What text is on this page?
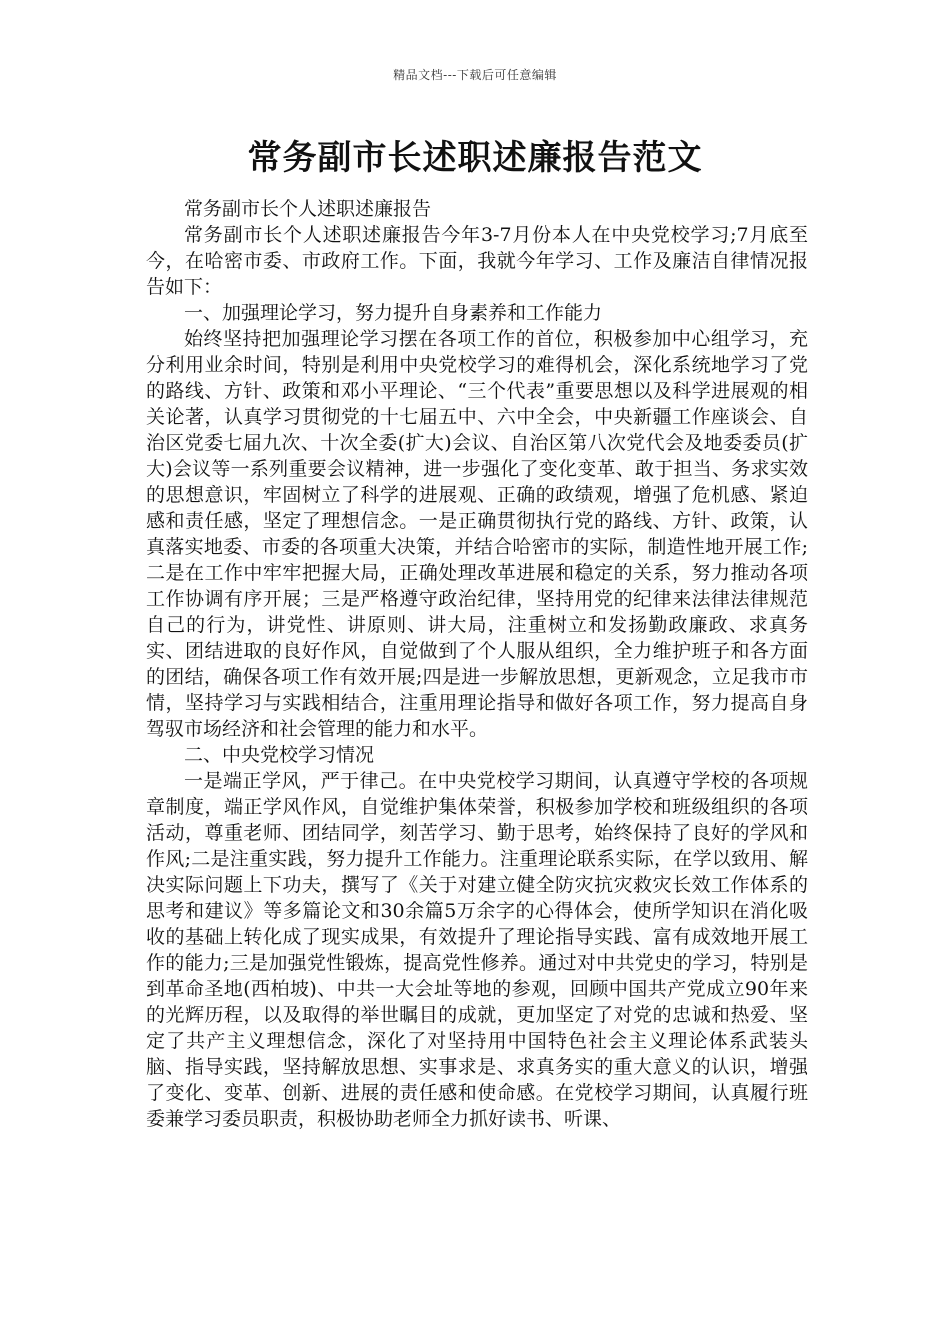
精品文档---下载后可任意编辑
常务副市长述职述廉报告范文

常务副市长个人述职述廉报告

常务副市长个人述职述廉报告今年3-7月份本人在中央党校学习;7月底至今，在哈密市委、市政府工作。下面，我就今年学习、工作及廉洁自律情况报告如下：

一、加强理论学习，努力提升自身素养和工作能力

始终坚持把加强理论学习摆在各项工作的首位，积极参加中心组学习，充分利用业余时间，特别是利用中央党校学习的难得机会，深化系统地学习了党的路线、方针、政策和邓小平理论、“三个代表”重要思想以及科学进展观的相关论著，认真学习贯彻党的十七届五中、六中全会，中央新疆工作座谈会、自治区党委七届九次、十次全委(扩大)会议、自治区第八次党代会及地委委员(扩大)会议等一系列重要会议精神，进一步强化了变化变革、敢于担当、务求实效的思想意识，牢固树立了科学的进展观、正确的政绩观，增强了危机感、紧迫感和责任感，坚定了理想信念。一是正确贯彻执行党的路线、方针、政策，认真落实地委、市委的各项重大决策，并结合哈密市的实际，制造性地开展工作;二是在工作中牢牢把握大局，正确处理改革进展和稳定的关系，努力推动各项工作协调有序开展；三是严格遵守政治纪律，坚持用党的纪律来法律法律规范自己的行为，讲党性、讲原则、讲大局，注重树立和发扬勤政廉政、求真务实、团结进取的良好作风，自觉做到了个人服从组织，全力维护班子和各方面的团结，确保各项工作有效开展;四是进一步解放思想，更新观念，立足我市市情，坚持学习与实践相结合，注重用理论指导和做好各项工作，努力提高自身驾驭市场经济和社会管理的能力和水平。

二、中央党校学习情况

一是端正学风，严于律己。在中央党校学习期间，认真遵守学校的各项规章制度，端正学风作风，自觉维护集体荣誉，积极参加学校和班级组织的各项活动，尊重老师、团结同学，刻苦学习、勤于思考，始终保持了良好的学风和作风;二是注重实践，努力提升工作能力。注重理论联系实际，在学以致用、解决实际问题上下功夫，撰写了《关于对建立健全防灾抗灾救灾长效工作体系的思考和建议》等多篇论文和30余篇5万余字的心得体会，使所学知识在消化吸收的基础上转化成了现实成果，有效提升了理论指导实践、富有成效地开展工作的能力;三是加强党性锻炼，提高党性修养。通过对中共党史的学习，特别是到革命圣地(西柏坡)、中共一大会址等地的参观，回顾中国共产党成立90年来的光辉历程，以及取得的举世瞩目的成就，更加坚定了对党的忠诚和热爱、坚定了共产主义理想信念，深化了对坚持用中国特色社会主义理论体系武装头脑、指导实践，坚持解放思想、实事求是、求真务实的重大意义的认识，增强了变化、变革、创新、进展的责任感和使命感。在党校学习期间，认真履行班委兼学习委员职责，积极协助老师全力抓好读书、听课、
